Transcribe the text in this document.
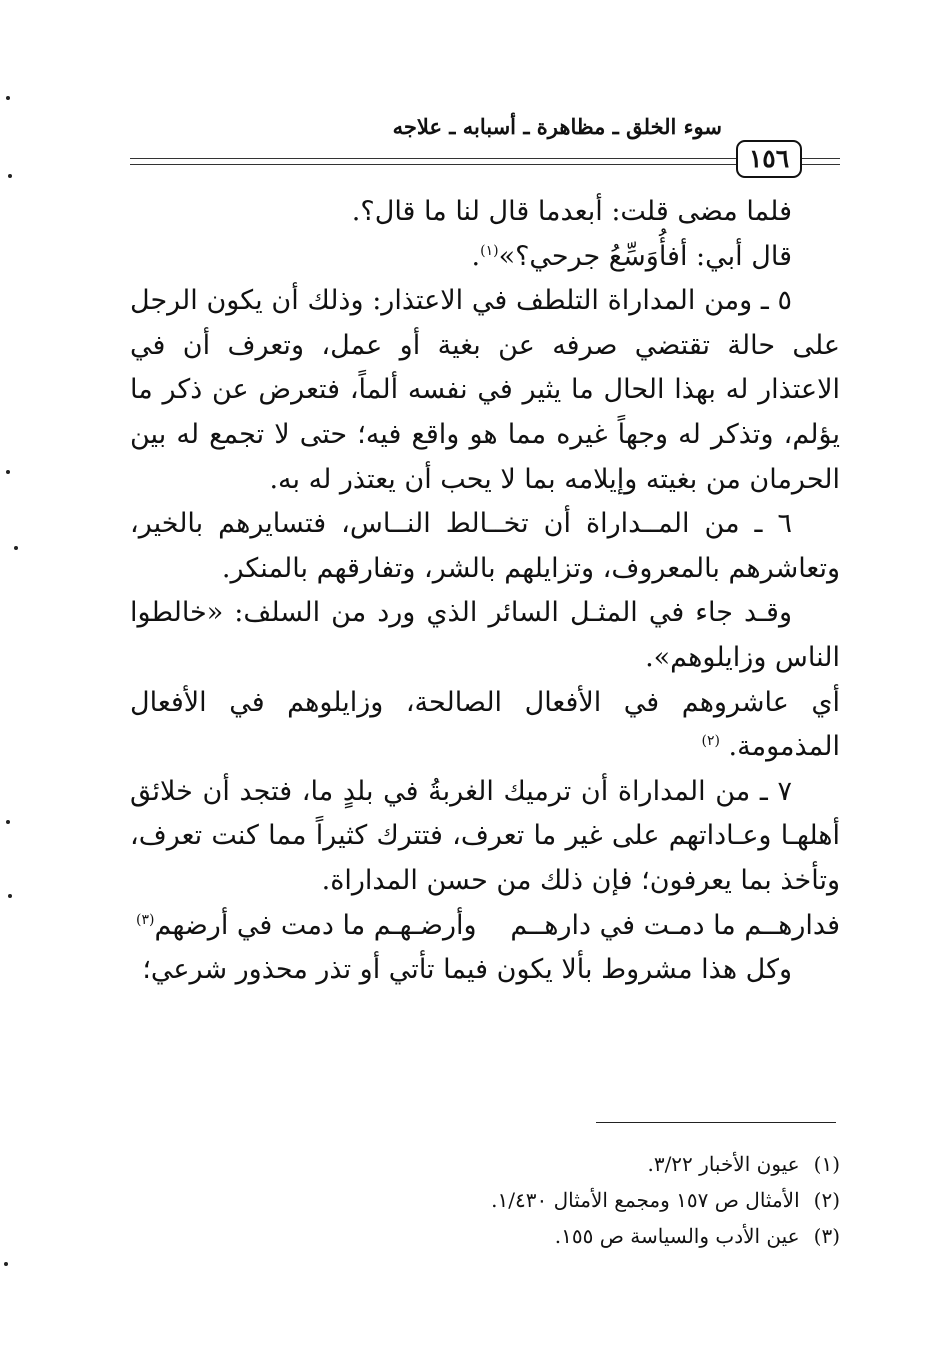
١٥٦
سوء الخلق ـ مظاهرة ـ أسبابه ـ علاجه

فلما مضى قلت: أبعدما قال لنا ما قال؟.

قال أبي: أفأُوَسِّعُ جرحي؟»$^{(١)}$.

٥ ـ ومن المداراة التلطف في الاعتذار: وذلك أن يكون الرجل على حالة تقتضي صرفه عن بغية أو عمل، وتعرف أن في الاعتذار له بهذا الحال ما يثير في نفسه ألماً، فتعرض عن ذكر ما يؤلم، وتذكر له وجهاً غيره مما هو واقع فيه؛ حتى لا تجمع له بين الحرمان من بغيته وإيلامه بما لا يحب أن يعتذر له به.

٦ ـ من المــداراة أن تخــالط النــاس، فتسايرهم بالخير، وتعاشرهم بالمعروف، وتزايلهم بالشر، وتفارقهم بالمنكر.

وقـد جاء في المثـل السائر الذي ورد من السلف: «خالطوا الناس وزايلوهم».

أي عاشروهم في الأفعال الصالحة، وزايلوهم في الأفعال المذمومة. $^{(٢)}$

٧ ـ من المداراة أن ترميك الغربةُ في بلدٍ ما، فتجد أن خلائق أهلهـا وعـاداتهم على غير ما تعرف، فتترك كثيراً مما كنت تعرف، وتأخذ بما يعرفون؛ فإن ذلك من حسن المداراة.

فدارهــم ما دمـت في دارهــم
وأرضـهـم ما دمت في أرضهم$^{(٣)}$

وكل هذا مشروط بألا يكون فيما تأتي أو تذر محذور شرعي؛

(١)
عيون الأخبار ٣/٢٢.
(٢)
الأمثال ص ١٥٧ ومجمع الأمثال ١/٤٣٠.
(٣)
عين الأدب والسياسة ص ١٥٥.
